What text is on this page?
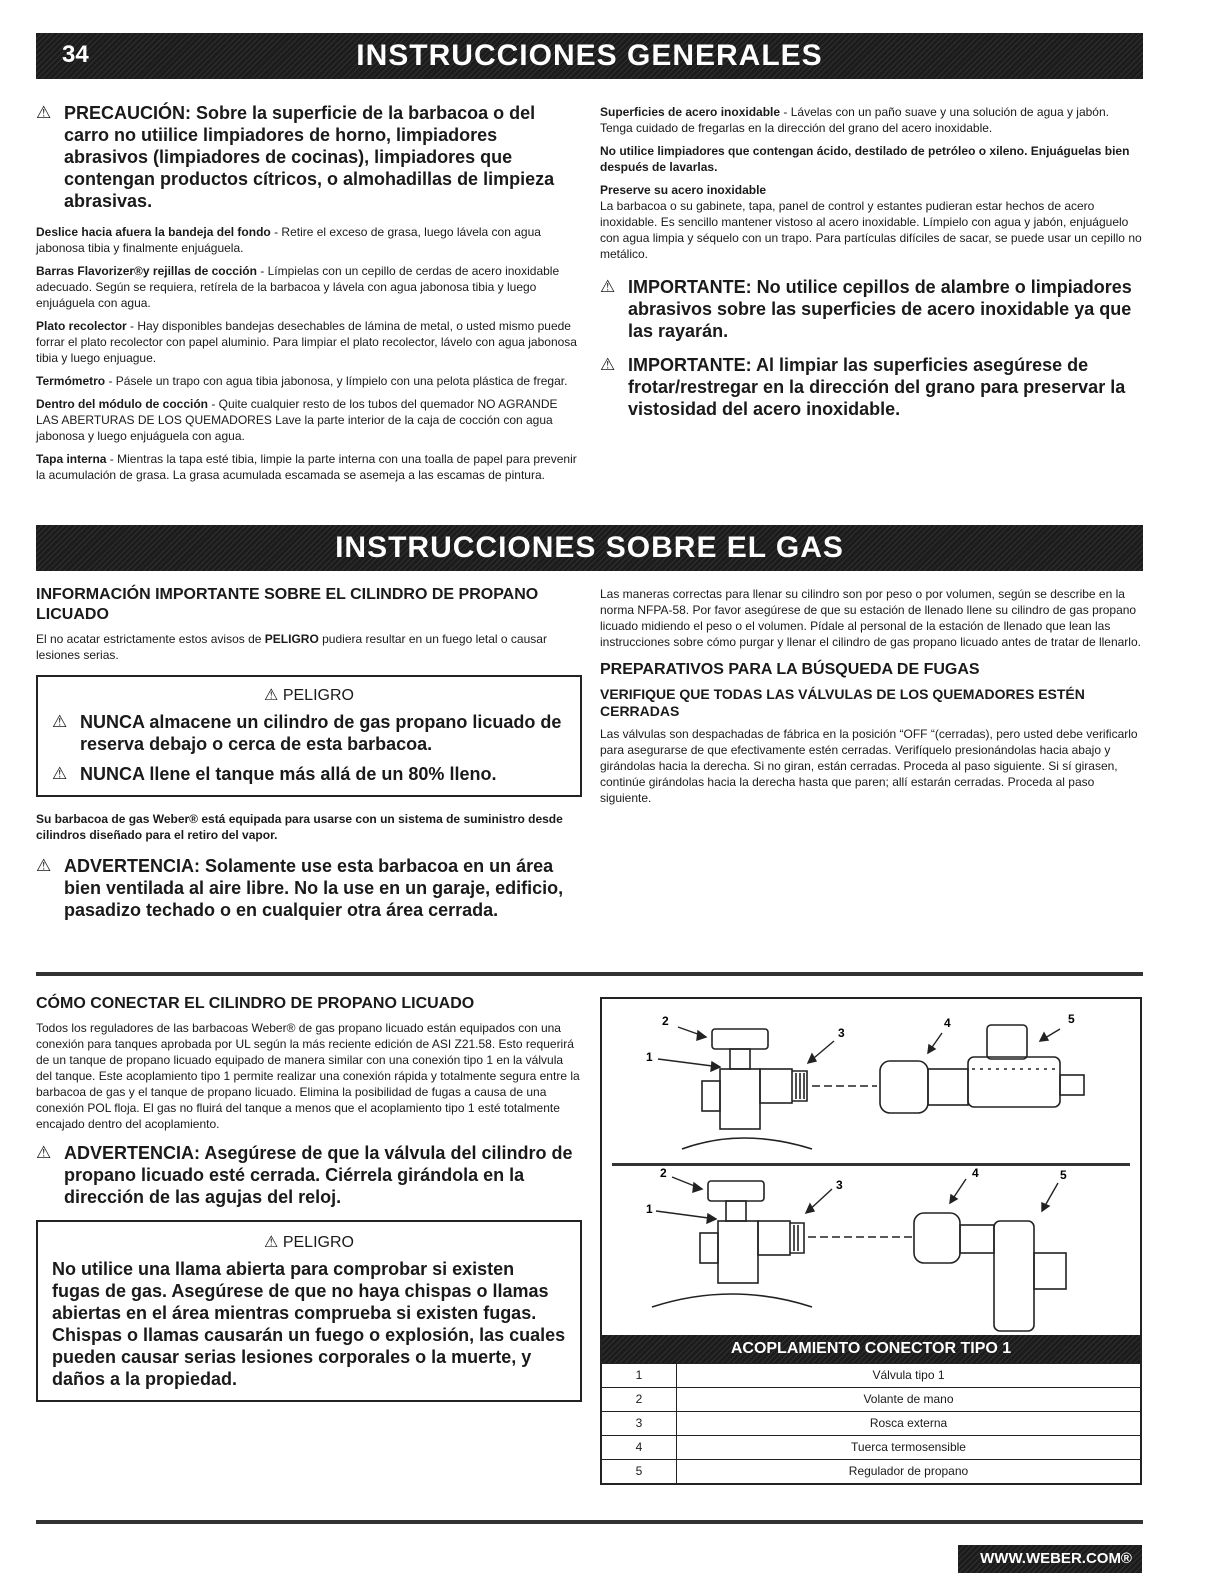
34	INSTRUCCIONES GENERALES
⚠ PRECAUCIÓN: Sobre la superficie de la barbacoa o del carro no utiilice limpiadores de horno, limpiadores abrasivos (limpiadores de cocinas), limpiadores que contengan productos cítricos, o almohadillas de limpieza abrasivas.
Deslice hacia afuera la bandeja del fondo - Retire el exceso de grasa, luego lávela con agua jabonosa tibia y finalmente enjuáguela.
Barras Flavorizer®y rejillas de cocción - Límpielas con un cepillo de cerdas de acero inoxidable adecuado. Según se requiera, retírela de la barbacoa y lávela con agua jabonosa tibia y luego enjuáguela con agua.
Plato recolector - Hay disponibles bandejas desechables de lámina de metal, o usted mismo puede forrar el plato recolector con papel aluminio. Para limpiar el plato recolector, lávelo con agua jabonosa tibia y luego enjuague.
Termómetro - Pásele un trapo con agua tibia jabonosa, y límpielo con una pelota plástica de fregar.
Dentro del módulo de cocción - Quite cualquier resto de los tubos del quemador NO AGRANDE LAS ABERTURAS DE LOS QUEMADORES Lave la parte interior de la caja de cocción con agua jabonosa y luego enjuáguela con agua.
Tapa interna - Mientras la tapa esté tibia, limpie la parte interna con una toalla de papel para prevenir la acumulación de grasa. La grasa acumulada escamada se asemeja a las escamas de pintura.
Superficies de acero inoxidable - Lávelas con un paño suave y una solución de agua y jabón. Tenga cuidado de fregarlas en la dirección del grano del acero inoxidable.
No utilice limpiadores que contengan ácido, destilado de petróleo o xileno. Enjuáguelas bien después de lavarlas.
Preserve su acero inoxidable
La barbacoa o su gabinete, tapa, panel de control y estantes pudieran estar hechos de acero inoxidable. Es sencillo mantener vistoso al acero inoxidable. Límpielo con agua y jabón, enjuáguelo con agua limpia y séquelo con un trapo. Para partículas difíciles de sacar, se puede usar un cepillo no metálico.
⚠ IMPORTANTE: No utilice cepillos de alambre o limpiadores abrasivos sobre las superficies de acero inoxidable ya que las rayarán.
⚠ IMPORTANTE: Al limpiar las superficies asegúrese de frotar/restregar en la dirección del grano para preservar la vistosidad del acero inoxidable.
INSTRUCCIONES SOBRE EL GAS
INFORMACIÓN IMPORTANTE SOBRE EL CILINDRO DE PROPANO LICUADO
El no acatar estrictamente estos avisos de PELIGRO pudiera resultar en un fuego letal o causar lesiones serias.
⚠ PELIGRO
⚠ NUNCA almacene un cilindro de gas propano licuado de reserva debajo o cerca de esta barbacoa.
⚠ NUNCA llene el tanque más allá de un 80% lleno.
Su barbacoa de gas Weber® está equipada para usarse con un sistema de suministro desde cilindros diseñado para el retiro del vapor.
⚠ ADVERTENCIA: Solamente use esta barbacoa en un área bien ventilada al aire libre. No la use en un garaje, edificio, pasadizo techado o en cualquier otra área cerrada.
Las maneras correctas para llenar su cilindro son por peso o por volumen, según se describe en la norma NFPA-58. Por favor asegúrese de que su estación de llenado llene su cilindro de gas propano licuado midiendo el peso o el volumen. Pídale al personal de la estación de llenado que lean las instrucciones sobre cómo purgar y llenar el cilindro de gas propano licuado antes de tratar de llenarlo.
PREPARATIVOS PARA LA BÚSQUEDA DE FUGAS
VERIFIQUE QUE TODAS LAS VÁLVULAS DE LOS QUEMADORES ESTÉN CERRADAS
Las válvulas son despachadas de fábrica en la posición “OFF “(cerradas), pero usted debe verificarlo para asegurarse de que efectivamente estén cerradas. Verifíquelo presionándolas hacia abajo y girándolas hacia la derecha. Si no giran, están cerradas. Proceda al paso siguiente. Si sí girasen, continúe girándolas hacia la derecha hasta que paren; allí estarán cerradas. Proceda al paso siguiente.
CÓMO CONECTAR EL CILINDRO DE PROPANO LICUADO
Todos los reguladores de las barbacoas Weber® de gas propano licuado están equipados con una conexión para tanques aprobada por UL según la más reciente edición de ASI Z21.58. Esto requerirá de un tanque de propano licuado equipado de manera similar con una conexión tipo 1 en la válvula del tanque. Este acoplamiento tipo 1 permite realizar una conexión rápida y totalmente segura entre la barbacoa de gas y el tanque de propano licuado. Elimina la posibilidad de fugas a causa de una conexión POL floja. El gas no fluirá del tanque a menos que el acoplamiento tipo 1 esté totalmente encajado dentro del acoplamiento.
⚠ ADVERTENCIA: Asegúrese de que la válvula del cilindro de propano licuado esté cerrada. Ciérrela girándola en la dirección de las agujas del reloj.
⚠ PELIGRO
No utilice una llama abierta para comprobar si existen fugas de gas. Asegúrese de que no haya chispas o llamas abiertas en el área mientras comprueba si existen fugas. Chispas o llamas causarán un fuego o explosión, las cuales pueden causar serias lesiones corporales o la muerte, y daños a la propiedad.
2
1
3
4	5
2
1
3
4	5
ACOPLAMIENTO CONECTOR TIPO 1
1	Válvula tipo 1
2	Volante de mano
3	Rosca externa
4	Tuerca termosensible
5	Regulador de propano
WWW.WEBER.COM®
